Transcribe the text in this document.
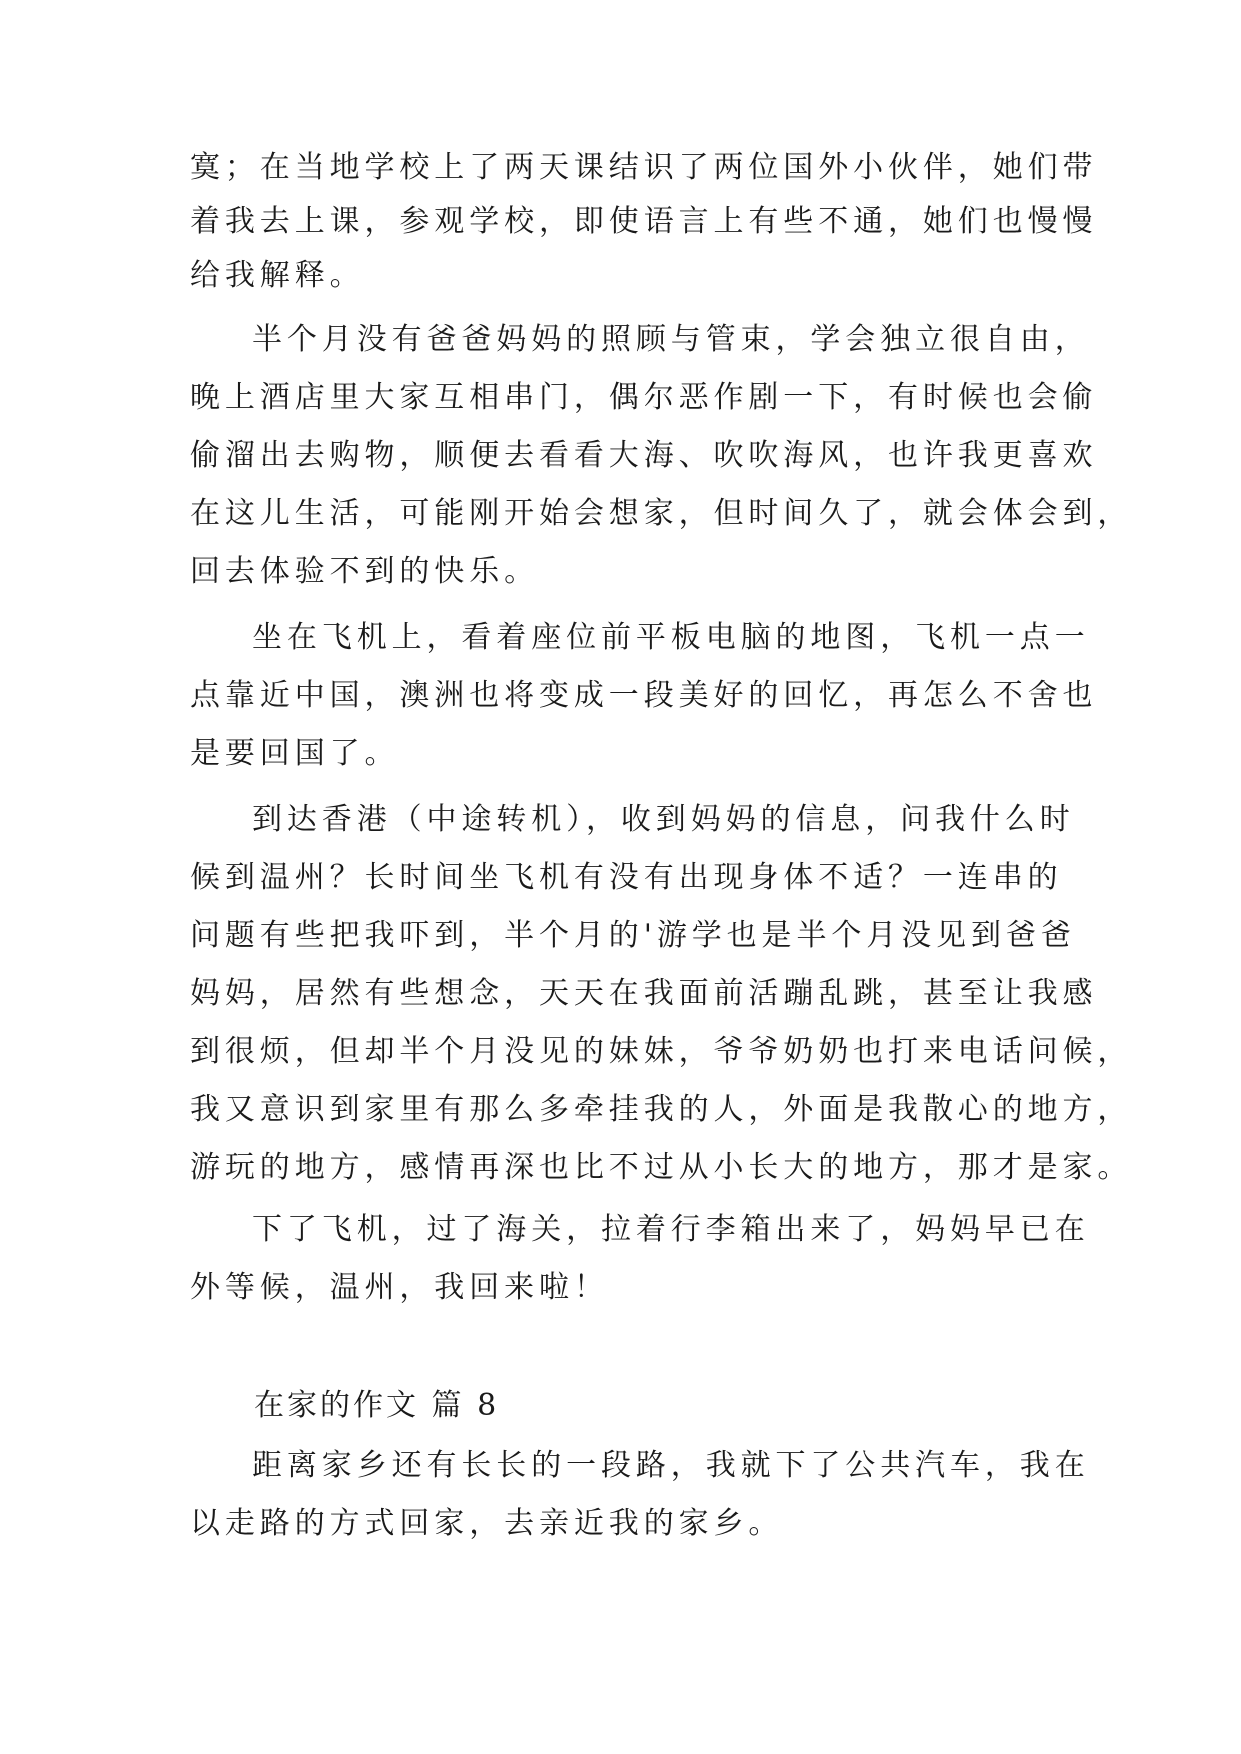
寞；在当地学校上了两天课结识了两位国外小伙伴，她们带
着我去上课，参观学校，即使语言上有些不通，她们也慢慢
给我解释。
半个月没有爸爸妈妈的照顾与管束，学会独立很自由，
晚上酒店里大家互相串门，偶尔恶作剧一下，有时候也会偷
偷溜出去购物，顺便去看看大海、吹吹海风，也许我更喜欢
在这儿生活，可能刚开始会想家，但时间久了，就会体会到，
回去体验不到的快乐。
坐在飞机上，看着座位前平板电脑的地图，飞机一点一
点靠近中国，澳洲也将变成一段美好的回忆，再怎么不舍也
是要回国了。
到达香港（中途转机），收到妈妈的信息，问我什么时
候到温州？长时间坐飞机有没有出现身体不适？一连串的
问题有些把我吓到，半个月的'游学也是半个月没见到爸爸
妈妈，居然有些想念，天天在我面前活蹦乱跳，甚至让我感
到很烦，但却半个月没见的妹妹，爷爷奶奶也打来电话问候，
我又意识到家里有那么多牵挂我的人，外面是我散心的地方，
游玩的地方，感情再深也比不过从小长大的地方，那才是家。
下了飞机，过了海关，拉着行李箱出来了，妈妈早已在
外等候，温州，我回来啦！
在家的作文 篇 8
距离家乡还有长长的一段路，我就下了公共汽车，我在
以走路的方式回家，去亲近我的家乡。
